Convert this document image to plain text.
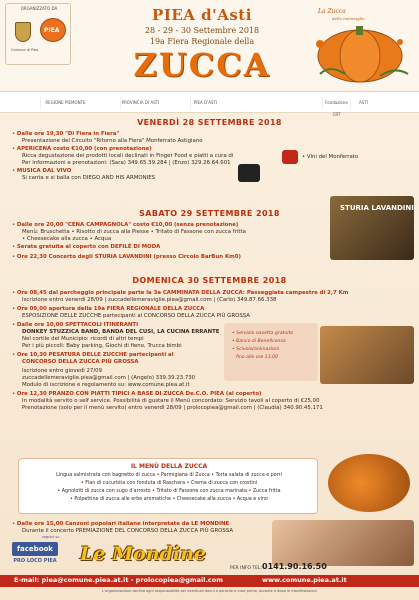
ORGANIZZATO DA
PIEA
Comune di Piea
PIEA d'Asti
28 - 29 - 30 Settembre 2018
19a Fiera Regionale della
ZUCCA
La Zucca
delle meraviglie
REGIONE PIEMONTE	PROVINCIA DI ASTI	PIEA D'ASTI	ASTI
Fondazione CRT
VENERDÌ 28 SETTEMBRE 2018
• Dalle ore 19,30 "Di Fiera in Fiera"
Presentazione del Circuito "Ritorno alla Fiera" Monferrato Astigiano
• APERICENA costo €10,00 (con prenotazione)
Ricca degustazione dei prodotti locali declinati in Finger Food e piatti a cura di
Per informazioni e prenotazioni: (Sara) 349.65.39.284 | (Enzo) 329.26.64.601
• MUSICA DAL VIVO
Si canta e si balla con DIEGO AND HIS ARMONIES
• Vini del Monferrato
SABATO 29 SETTEMBRE 2018
• Dalle ore 20,00 "CENA CAMPAGNOLA" costo €10,00 (senza prenotazione)
Menù: Bruschetta • Risotto di zucca alla Piesse • Tritato di Fassone con zucca fritta
• Cheesecake alla zucca • Acqua
• Serata gratuita al coperto con DEFILÉ DI MODA
• Ore 22,30 Concerto degli STURIA LAVANDINI (presso Circolo BarBun Km0)
STURIA LAVANDINI
DOMENICA 30 SETTEMBRE 2018
• Ore 08,45 dal parcheggio principale parte la 3a CAMMINATA DELLA ZUCCA: Passeggiata campestre di 2,7 Km
Iscrizione entro venerdì 28/09 | zuccadellemeraviglie.piea@gmail.com | (Carlo) 349.87.66.338
• Ore 09,00 apertura della 19a FIERA REGIONALE DELLA ZUCCA
ESPOSIZIONE DELLE ZUCCHE partecipanti al CONCORSO DELLA ZUCCA PIÙ GROSSA
• Dalle ore 10,00 SPETTACOLI ITINERANTI
DONKEY STUZZICA BAND, BANDA DEL CUSI, LA CUCINA ERRANTE
Nel cortile del Municipio: ricordi di altri tempi
Per i più piccoli: Baby parking, Giochi di fieno, Trucca bimbi
• Ore 10,30 PESATURA DELLE ZUCCHE partecipanti al
CONCORSO DELLA ZUCCA PIÙ GROSSA
Iscrizione entro giovedì 27/09
zuccadellemeraviglie.piea@gmail.com | (Angelo) 339.39.23.730
Modulo di iscrizione e regolamento su: www.comune.piea.at.it
• Ore 12,30 PRANZO CON PIATTI TIPICI A BASE DI ZUCCA De.C.O. PIEA (al coperto)
In modalità servito o self service. Possibilità di gustare il Menù concordato: Servizio tavoli al coperto di €25,00
Prenotazione (solo per il menù servito) entro venerdì 28/09 | prolocopiea@gmail.com | (Claudia) 340.90.45.171
• Servizio navetta gratuito
• Banco di Beneficenza
• Scivolo/animazioni
fino alle ore 13,00
IL MENÙ DELLA ZUCCA
Lingua salmistrata con bagnetto di zucca • Parmigiana di Zucca • Torta salata di zucca e porri
• Flan di cucurbita con fonduta di Raschera • Crema di zucca con crostini
• Agnolotti di zucca con sugo d'arrosto • Tritato di Fassone con zucca marinata • Zucca fritta
• Polpettine di zucca alle erbe aromatiche • Cheesecake alla zucca • Acqua e vino
• Dalle ore 15,00 Canzoni popolari italiane interpretate da LE MONDINE
Durante il concerto PREMIAZIONE DEL CONCORSO DELLA ZUCCA PIÙ GROSSA
seguici su
facebook
PRO LOCO PIEA Le Mondine
PER INFO TEL: 0141.90.16.50
E-mail: piea@comune.piea.at.it - prolocopiea@gmail.com	www.comune.piea.at.it
L'organizzazione declina ogni responsabilità per eventuali danni a persone o cose prima, durante o dopo le manifestazioni
